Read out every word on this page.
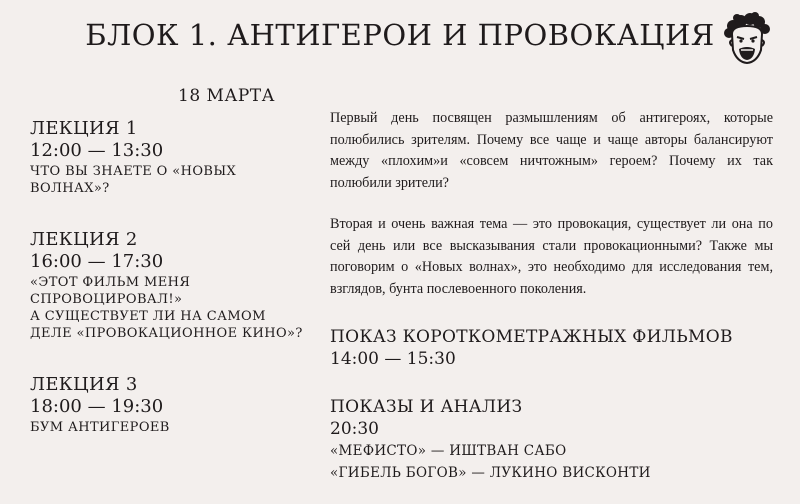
БЛОК 1. АНТИГЕРОИ И ПРОВОКАЦИЯ
18 МАРТА
ЛЕКЦИЯ 1
12:00 — 13:30
ЧТО ВЫ ЗНАЕТЕ О «НОВЫХ
ВОЛНАХ»?
ЛЕКЦИЯ 2
16:00 — 17:30
«ЭТОТ ФИЛЬМ МЕНЯ
СПРОВОЦИРОВАЛ!»
А СУЩЕСТВУЕТ ЛИ НА САМОМ
ДЕЛЕ «ПРОВОКАЦИОННОЕ КИНО»?
ЛЕКЦИЯ 3
18:00 — 19:30
БУМ АНТИГЕРОЕВ

Первый день посвящен размышлениям об антигероях, которые полюбились зрителям. Почему все чаще и чаще авторы балансируют между «плохим»и «совсем ничтожным» героем? Почему их так полюбили зрители?

Вторая и очень важная тема — это провокация, существует ли она по сей день или все высказывания стали провокационными? Также мы поговорим о «Новых волнах», это необходимо для исследования тем, взглядов, бунта послевоенного поколения.

ПОКАЗ КОРОТКОМЕТРАЖНЫХ ФИЛЬМОВ
14:00 — 15:30
ПОКАЗЫ И АНАЛИЗ
20:30
«МЕФИСТО» — ИШТВАН САБО
«ГИБЕЛЬ БОГОВ» — ЛУКИНО ВИСКОНТИ
